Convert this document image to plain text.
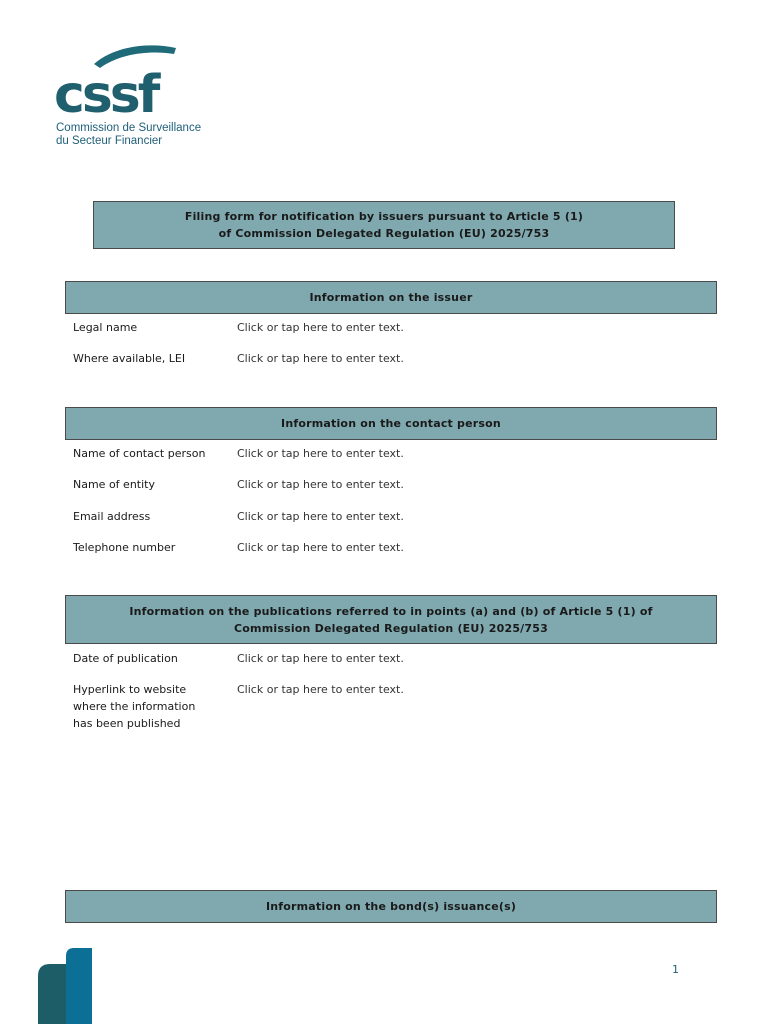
cssf
Commission de Surveillance
du Secteur Financier
Filing form for notification by issuers pursuant to Article 5 (1)
of Commission Delegated Regulation (EU) 2025/753
Information on the issuer
Legal name	Click or tap here to enter text.
Where available, LEI	Click or tap here to enter text.
Information on the contact person
Name of contact person	Click or tap here to enter text.
Name of entity	Click or tap here to enter text.
Email address	Click or tap here to enter text.
Telephone number	Click or tap here to enter text.
Information on the publications referred to in points (a) and (b) of Article 5 (1) of
Commission Delegated Regulation (EU) 2025/753
Date of publication	Click or tap here to enter text.
Hyperlink to website
where the information
has been published
Click or tap here to enter text.
Information on the bond(s) issuance(s)
1
